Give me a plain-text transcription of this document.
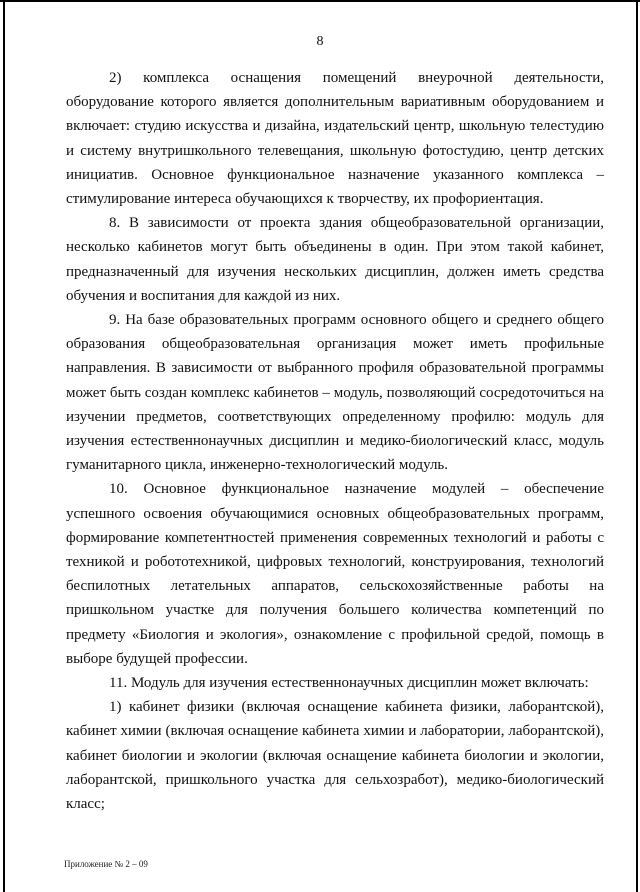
8

2) комплекса оснащения помещений внеурочной деятельности, оборудование которого является дополнительным вариативным оборудованием и включает: студию искусства и дизайна, издательский центр, школьную телестудию и систему внутришкольного телевещания, школьную фотостудию, центр детских инициатив. Основное функциональное назначение указанного комплекса – стимулирование интереса обучающихся к творчеству, их профориентация.

8. В зависимости от проекта здания общеобразовательной организации, несколько кабинетов могут быть объединены в один. При этом такой кабинет, предназначенный для изучения нескольких дисциплин, должен иметь средства обучения и воспитания для каждой из них.

9. На базе образовательных программ основного общего и среднего общего образования общеобразовательная организация может иметь профильные направления. В зависимости от выбранного профиля образовательной программы может быть создан комплекс кабинетов – модуль, позволяющий сосредоточиться на изучении предметов, соответствующих определенному профилю: модуль для изучения естественнонаучных дисциплин и медико-биологический класс, модуль гуманитарного цикла, инженерно-технологический модуль.

10. Основное функциональное назначение модулей – обеспечение успешного освоения обучающимися основных общеобразовательных программ, формирование компетентностей применения современных технологий и работы с техникой и робототехникой, цифровых технологий, конструирования, технологий беспилотных летательных аппаратов, сельскохозяйственные работы на пришкольном участке для получения большего количества компетенций по предмету «Биология и экология», ознакомление с профильной средой, помощь в выборе будущей профессии.

11. Модуль для изучения естественнонаучных дисциплин может включать:

1) кабинет физики (включая оснащение кабинета физики, лаборантской), кабинет химии (включая оснащение кабинета химии и лаборатории, лаборантской), кабинет биологии и экологии (включая оснащение кабинета биологии и экологии, лаборантской, пришкольного участка для сельхозработ), медико-биологический класс;

Приложение № 2 – 09
